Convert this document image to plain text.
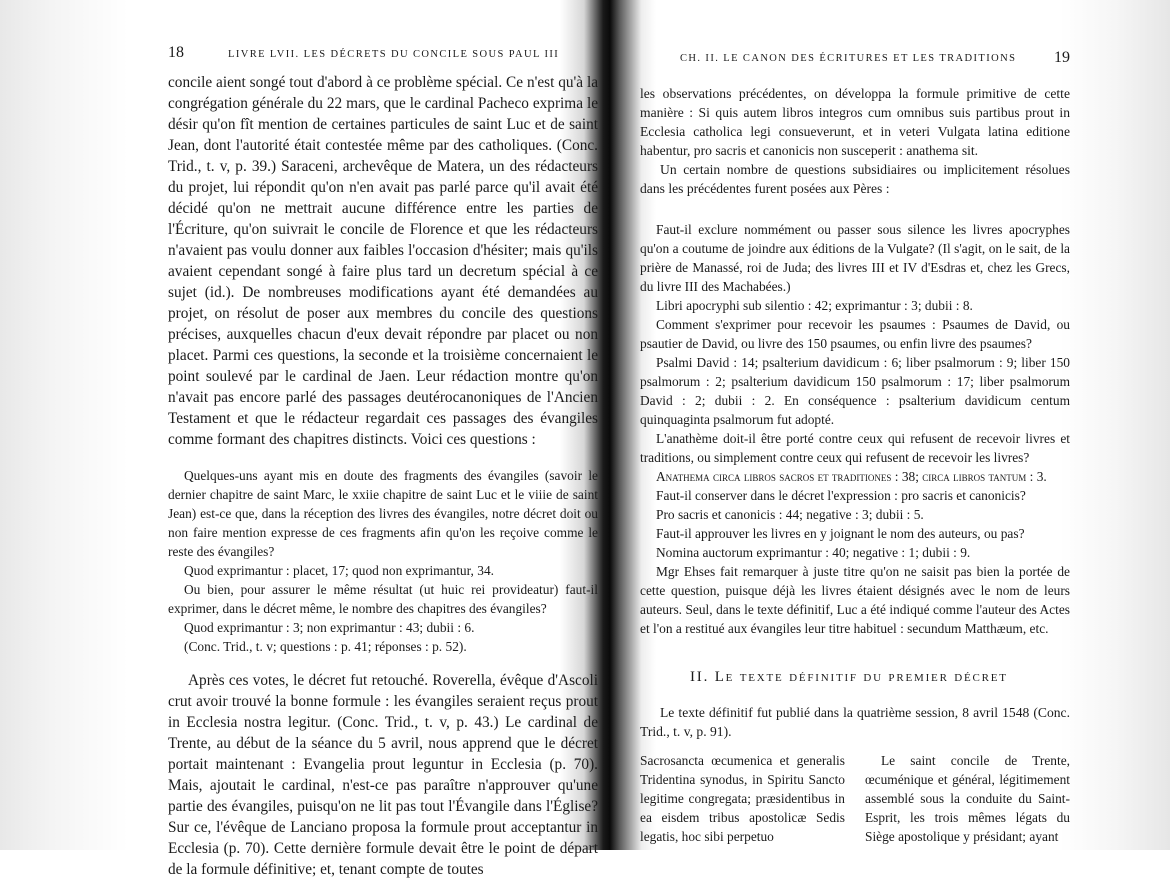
18	LIVRE LVII. LES DÉCRETS DU CONCILE SOUS PAUL III

concile aient songé tout d'abord à ce problème spécial. Ce n'est qu'à la congrégation générale du 22 mars, que le cardinal Pacheco exprima le désir qu'on fît mention de certaines particules de saint Luc et de saint Jean, dont l'autorité était contestée même par des catholiques. (Conc. Trid., t. v, p. 39.) Saraceni, archevêque de Matera, un des rédacteurs du projet, lui répondit qu'on n'en avait pas parlé parce qu'il avait été décidé qu'on ne mettrait aucune différence entre les parties de l'Écriture, qu'on suivrait le concile de Florence et que les rédacteurs n'avaient pas voulu donner aux faibles l'occasion d'hésiter; mais qu'ils avaient cependant songé à faire plus tard un decretum spécial à ce sujet (id.). De nombreuses modifications ayant été demandées au projet, on résolut de poser aux membres du concile des questions précises, auxquelles chacun d'eux devait répondre par placet ou non placet. Parmi ces questions, la seconde et la troisième concernaient le point soulevé par le cardinal de Jaen. Leur rédaction montre qu'on n'avait pas encore parlé des passages deutérocanoniques de l'Ancien Testament et que le rédacteur regardait ces passages des évangiles comme formant des chapitres distincts. Voici ces questions :

Quelques-uns ayant mis en doute des fragments des évangiles (savoir le dernier chapitre de saint Marc, le xxiie chapitre de saint Luc et le viiie de saint Jean) est-ce que, dans la réception des livres des évangiles, notre décret doit ou non faire mention expresse de ces fragments afin qu'on les reçoive comme le reste des évangiles?

Quod exprimantur : placet, 17; quod non exprimantur, 34.

Ou bien, pour assurer le même résultat (ut huic rei provideatur) faut-il exprimer, dans le décret même, le nombre des chapitres des évangiles?

Quod exprimantur : 3; non exprimantur : 43; dubii : 6.

(Conc. Trid., t. v; questions : p. 41; réponses : p. 52).

Après ces votes, le décret fut retouché. Roverella, évêque d'Ascoli crut avoir trouvé la bonne formule : les évangiles seraient reçus prout in Ecclesia nostra legitur. (Conc. Trid., t. v, p. 43.) Le cardinal de Trente, au début de la séance du 5 avril, nous apprend que le décret portait maintenant : Evangelia prout leguntur in Ecclesia (p. 70). Mais, ajoutait le cardinal, n'est-ce pas paraître n'approuver qu'une partie des évangiles, puisqu'on ne lit pas tout l'Évangile dans l'Église? Sur ce, l'évêque de Lanciano proposa la formule prout acceptantur in Ecclesia (p. 70). Cette dernière formule devait être le point de départ de la formule définitive; et, tenant compte de toutes

CH. II. LE CANON DES ÉCRITURES ET LES TRADITIONS 19

les observations précédentes, on développa la formule primitive de cette manière : Si quis autem libros integros cum omnibus suis partibus prout in Ecclesia catholica legi consueverunt, et in veteri Vulgata latina editione habentur, pro sacris et canonicis non susceperit : anathema sit.

Un certain nombre de questions subsidiaires ou implicitement résolues dans les précédentes furent posées aux Pères :

Faut-il exclure nommément ou passer sous silence les livres apocryphes qu'on a coutume de joindre aux éditions de la Vulgate? (Il s'agit, on le sait, de la prière de Manassé, roi de Juda; des livres III et IV d'Esdras et, chez les Grecs, du livre III des Machabées.)

Libri apocryphi sub silentio : 42; exprimantur : 3; dubii : 8.

Comment s'exprimer pour recevoir les psaumes : Psaumes de David, ou psautier de David, ou livre des 150 psaumes, ou enfin livre des psaumes?

Psalmi David : 14; psalterium davidicum : 6; liber psalmorum : 9; liber 150 psalmorum : 2; psalterium davidicum 150 psalmorum : 17; liber psalmorum David : 2; dubii : 2. En conséquence : psalterium davidicum centum quinquaginta psalmorum fut adopté.

L'anathème doit-il être porté contre ceux qui refusent de recevoir livres et traditions, ou simplement contre ceux qui refusent de recevoir les livres?

Anathema circa libros sacros et traditiones : 38; circa libros tantum : 3.

Faut-il conserver dans le décret l'expression : pro sacris et canonicis?

Pro sacris et canonicis : 44; negative : 3; dubii : 5.

Faut-il approuver les livres en y joignant le nom des auteurs, ou pas?

Nomina auctorum exprimantur : 40; negative : 1; dubii : 9.

Mgr Ehses fait remarquer à juste titre qu'on ne saisit pas bien la portée de cette question, puisque déjà les livres étaient désignés avec le nom de leurs auteurs. Seul, dans le texte définitif, Luc a été indiqué comme l'auteur des Actes et l'on a restitué aux évangiles leur titre habituel : secundum Matthæum, etc.

II. Le texte définitif du premier décret

Le texte définitif fut publié dans la quatrième session, 8 avril 1548 (Conc. Trid., t. v, p. 91).

Sacrosancta œcumenica et generalis Tridentina synodus, in Spiritu Sancto legitime congregata; præsidentibus in ea eisdem tribus apostolicæ Sedis legatis, hoc sibi perpetuo
Le saint concile de Trente, œcuménique et général, légitimement assemblé sous la conduite du Saint-Esprit, les trois mêmes légats du Siège apostolique y présidant; ayant
